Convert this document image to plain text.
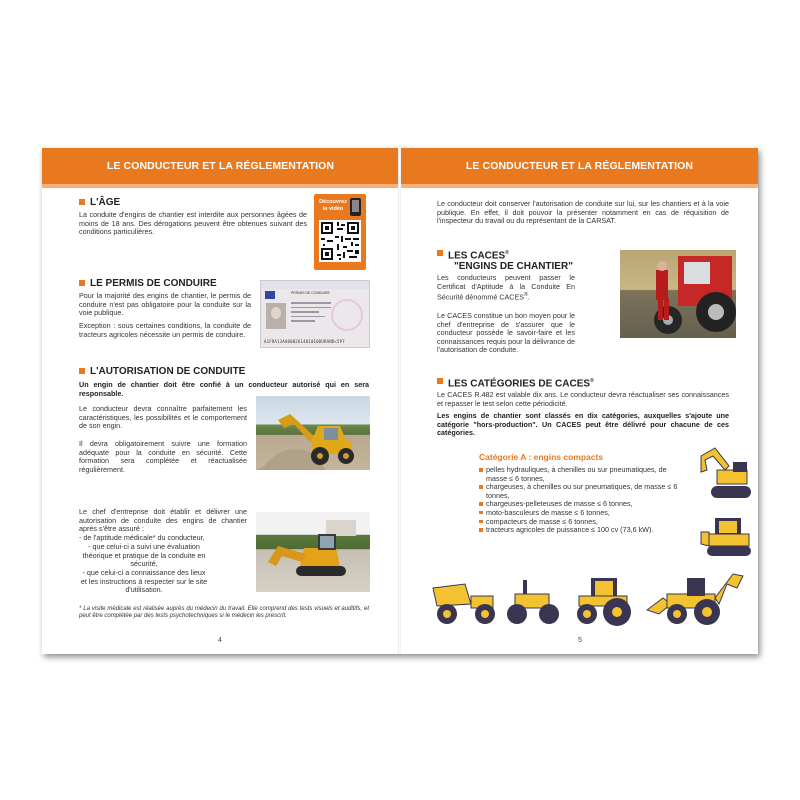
LE CONDUCTEUR ET LA RÉGLEMENTATION
L'ÂGE

La conduite d'engins de chantier est interdite aux personnes âgées de moins de 18 ans. Des dérogations peuvent être obtenues suivant des conditions particulières.

Découvrez la vidéo
LE PERMIS DE CONDUIRE

Pour la majorité des engins de chantier, le permis de conduire n'est pas obligatoire pour la conduite sur la voie publique.

Exception : sous certaines conditions, la conduite de tracteurs agricoles nécessite un permis de conduire.

PERMIS DE CONDUIRE
A1FRA13AA000261401010DURAND<5P7
L'AUTORISATION DE CONDUITE

Un engin de chantier doit être confié à un conducteur autorisé qui en sera responsable.

Le conducteur devra connaître parfaitement les caractéristiques, les possibilités et le comportement de son engin.

Il devra obligatoirement suivre une formation adéquate pour la conduite en sécurité. Cette formation sera complétée et réactualisée régulièrement.

Le chef d'entreprise doit établir et délivrer une autorisation de conduite des engins de chantier après s'être assuré :

- de l'aptitude médicale* du conducteur,

- que celui-ci a suivi une évaluation théorique et pratique de la conduite en sécurité,

- que celui-ci a connaissance des lieux et les instructions à respecter sur le site d'utilisation.

* La visite médicale est réalisée auprès du médecin du travail. Elle comprend des tests visuels et auditifs, et peut être complétée par des tests psychotechniques si le médecin les prescrit.

4
LE CONDUCTEUR ET LA RÉGLEMENTATION

Le conducteur doit conserver l'autorisation de conduite sur lui, sur les chantiers et à la voie publique. En effet, il doit pouvoir la présenter notamment en cas de réquisition de l'inspecteur du travail ou du représentant de la CARSAT.

LES CACES®
"ENGINS DE CHANTIER"

Les conducteurs peuvent passer le Certificat d'Aptitude à la Conduite En Sécurité dénommé CACES®.

Le CACES constitue un bon moyen pour le chef d'entreprise de s'assurer que le conducteur possède le savoir-faire et les connaissances requis pour la délivrance de l'autorisation de conduite.

LES CATÉGORIES DE CACES®

Le CACES R.482 est valable dix ans. Le conducteur devra réactualiser ses connaissances et repasser le test selon cette périodicité.

Les engins de chantier sont classés en dix catégories, auxquelles s'ajoute une catégorie "hors-production". Un CACES peut être délivré pour chacune de ces catégories.

Catégorie A : engins compacts
pelles hydrauliques, à chenilles ou sur pneumatiques, de masse ≤ 6 tonnes,
chargeuses, à chenilles ou sur pneumatiques, de masse ≤ 6 tonnes,
chargeuses-pelleteuses de masse ≤ 6 tonnes,
moto-basculeurs de masse ≤ 6 tonnes,
compacteurs de masse ≤ 6 tonnes,
tracteurs agricoles de puissance ≤ 100 cv (73,6 kW).
5
